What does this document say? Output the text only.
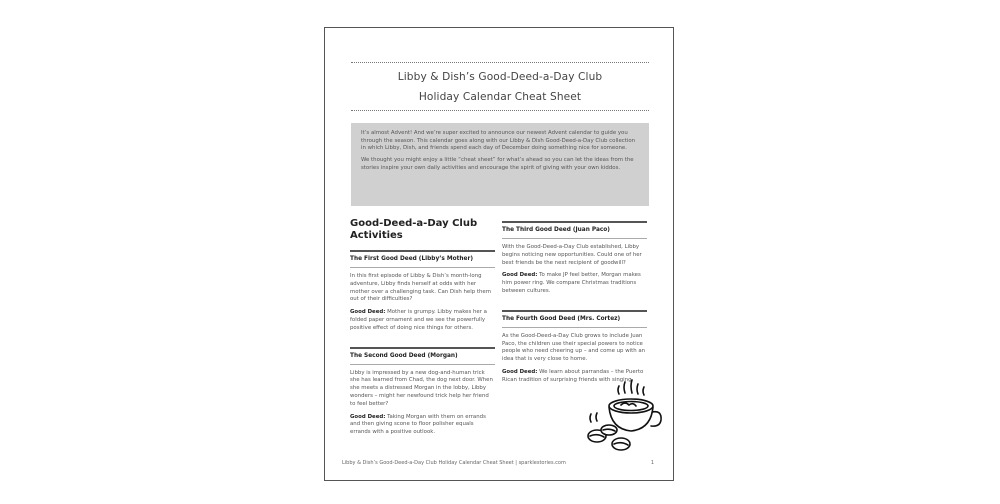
Libby & Dish’s Good-Deed-a-Day Club
Holiday Calendar Cheat Sheet

It’s almost Advent! And we’re super excited to announce our newest Advent calendar to guide you through the season. This calendar goes along with our Libby & Dish Good-Deed-a-Day Club collection in which Libby, Dish, and friends spend each day of December doing something nice for someone.

We thought you might enjoy a little “cheat sheet” for what’s ahead so you can let the ideas from the stories inspire your own daily activities and encourage the spirit of giving with your own kiddos.

Good-Deed-a-Day Club Activities
The First Good Deed (Libby’s Mother)
In this first episode of Libby & Dish’s month-long adventure, Libby finds herself at odds with her mother over a challenging task. Can Dish help them out of their difficulties?
Good Deed: Mother is grumpy. Libby makes her a folded paper ornament and we see the powerfully positive effect of doing nice things for others.
The Second Good Deed (Morgan)
Libby is impressed by a new dog-and-human trick she has learned from Chad, the dog next door. When she meets a distressed Morgan in the lobby, Libby wonders – might her newfound trick help her friend to feel better?
Good Deed: Taking Morgan with them on errands and then giving scone to floor polisher equals errands with a positive outlook.
The Third Good Deed (Juan Paco)
With the Good-Deed-a-Day Club established, Libby begins noticing new opportunities. Could one of her best friends be the next recipient of goodwill?
Good Deed: To make JP feel better, Morgan makes him power ring. We compare Christmas traditions between cultures.
The Fourth Good Deed (Mrs. Cortez)
As the Good-Deed-a-Day Club grows to include Juan Paco, the children use their special powers to notice people who need cheering up – and come up with an idea that is very close to home.
Good Deed: We learn about parrandas – the Puerto Rican tradition of surprising friends with singing.
Libby & Dish’s Good-Deed-a-Day Club Holiday Calendar Cheat Sheet | sparklestories.com	1
